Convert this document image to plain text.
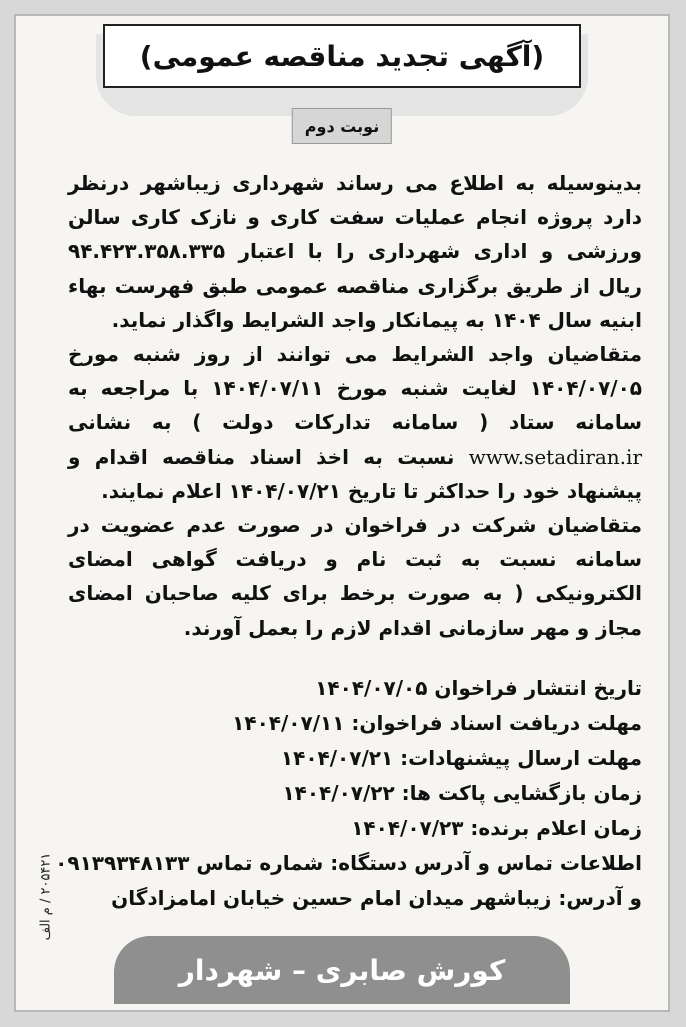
(آگهی تجدید مناقصه عمومی)
نوبت دوم

بدینوسیله به اطلاع می رساند شهرداری زیباشهر درنظر دارد پروژه انجام عملیات سفت کاری و نازک کاری سالن ورزشی و اداری شهرداری را با اعتبار ۹۴.۴۲۳.۳۵۸.۳۳۵ ریال از طریق برگزاری مناقصه عمومی طبق فهرست بهاء ابنیه سال ۱۴۰۴ به پیمانکار واجد الشرایط واگذار نماید.

متقاضیان واجد الشرایط می توانند از روز شنبه مورخ ۱۴۰۴/۰۷/۰۵ لغایت شنبه مورخ ۱۴۰۴/۰۷/۱۱ با مراجعه به سامانه ستاد ( سامانه تدارکات دولت ) به نشانی www.setadiran.ir نسبت به اخذ اسناد مناقصه اقدام و پیشنهاد خود را حداکثر تا تاریخ ۱۴۰۴/۰۷/۲۱ اعلام نمایند.

متقاضیان شرکت در فراخوان در صورت عدم عضویت در سامانه نسبت به ثبت نام و دریافت گواهی امضای الکترونیکی ( به صورت برخط برای کلیه صاحبان امضای مجاز و مهر سازمانی اقدام لازم را بعمل آورند.

تاریخ انتشار فراخوان ۱۴۰۴/۰۷/۰۵
مهلت دریافت اسناد فراخوان: ۱۴۰۴/۰۷/۱۱
مهلت ارسال پیشنهادات: ۱۴۰۴/۰۷/۲۱
زمان بازگشایی پاکت ها: ۱۴۰۴/۰۷/۲۲
زمان اعلام برنده: ۱۴۰۴/۰۷/۲۳
اطلاعات تماس و آدرس دستگاه: شماره تماس ۰۹۱۳۹۳۴۸۱۳۳
و آدرس: زیباشهر میدان امام حسین خیابان امامزادگان
۲۰۵۴۲۱ / م الف
کورش صابری – شهردار
